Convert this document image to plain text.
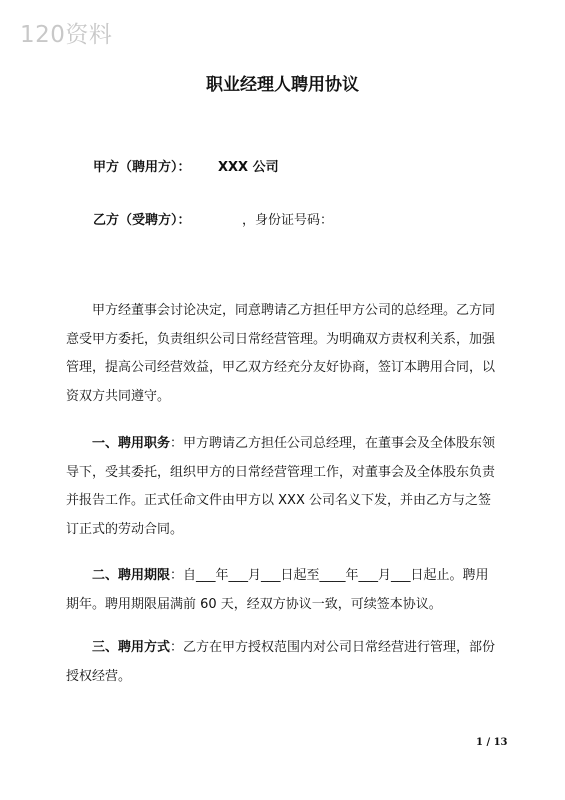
120资料
职业经理人聘用协议
甲方（聘用方）： XXX 公司
乙方（受聘方）：	，身份证号码：

甲方经董事会讨论决定，同意聘请乙方担任甲方公司的总经理。乙方同意受甲方委托，负责组织公司日常经营管理。为明确双方责权利关系，加强管理，提高公司经营效益，甲乙双方经充分友好协商，签订本聘用合同，以资双方共同遵守。

一、聘用职务：甲方聘请乙方担任公司总经理，在董事会及全体股东领导下，受其委托，组织甲方的日常经营管理工作，对董事会及全体股东负责并报告工作。正式任命文件由甲方以 XXX 公司名义下发，并由乙方与之签订正式的劳动合同。

二、聘用期限：自___年___月___日起至____年___月___日起止。聘用期年。聘用期限届满前 60 天，经双方协议一致，可续签本协议。

三、聘用方式：乙方在甲方授权范围内对公司日常经营进行管理，部份授权经营。

1 / 13
